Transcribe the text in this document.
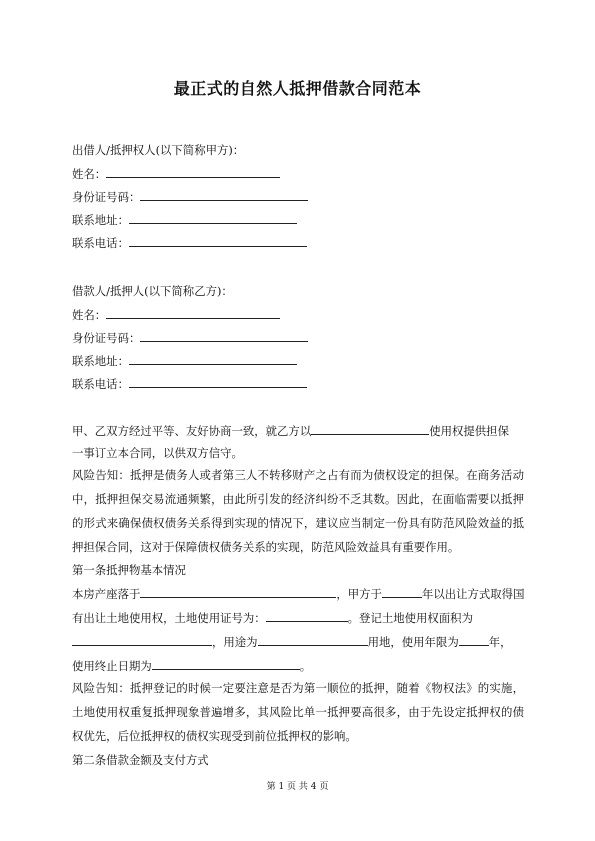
最正式的自然人抵押借款合同范本
出借人/抵押权人(以下简称甲方)：
姓名：
身份证号码：
联系地址：
联系电话：
借款人/抵押人(以下简称乙方)：
姓名：
身份证号码：
联系地址：
联系电话：
甲、乙双方经过平等、友好协商一致，就乙方以	使用权提供担保
一事订立本合同，以供双方信守。
风险告知：抵押是债务人或者第三人不转移财产之占有而为债权设定的担保。在商务活动中，抵押担保交易流通频繁，由此所引发的经济纠纷不乏其数。因此，在面临需要以抵押的形式来确保债权债务关系得到实现的情况下，建议应当制定一份具有防范风险效益的抵押担保合同，这对于保障债权债务关系的实现，防范风险效益具有重要作用。
第一条抵押物基本情况
本房产座落于	，甲方于	年以出让方式取得国
有出让土地使用权，土地使用证号为：	。登记土地使用权面积为
，用途为	用地，使用年限为	年，
使用终止日期为	。
风险告知：抵押登记的时候一定要注意是否为第一顺位的抵押，随着《物权法》的实施，土地使用权重复抵押现象普遍增多，其风险比单一抵押要高很多，由于先设定抵押权的债权优先，后位抵押权的债权实现受到前位抵押权的影响。
第二条借款金额及支付方式
第 1 页 共 4 页
